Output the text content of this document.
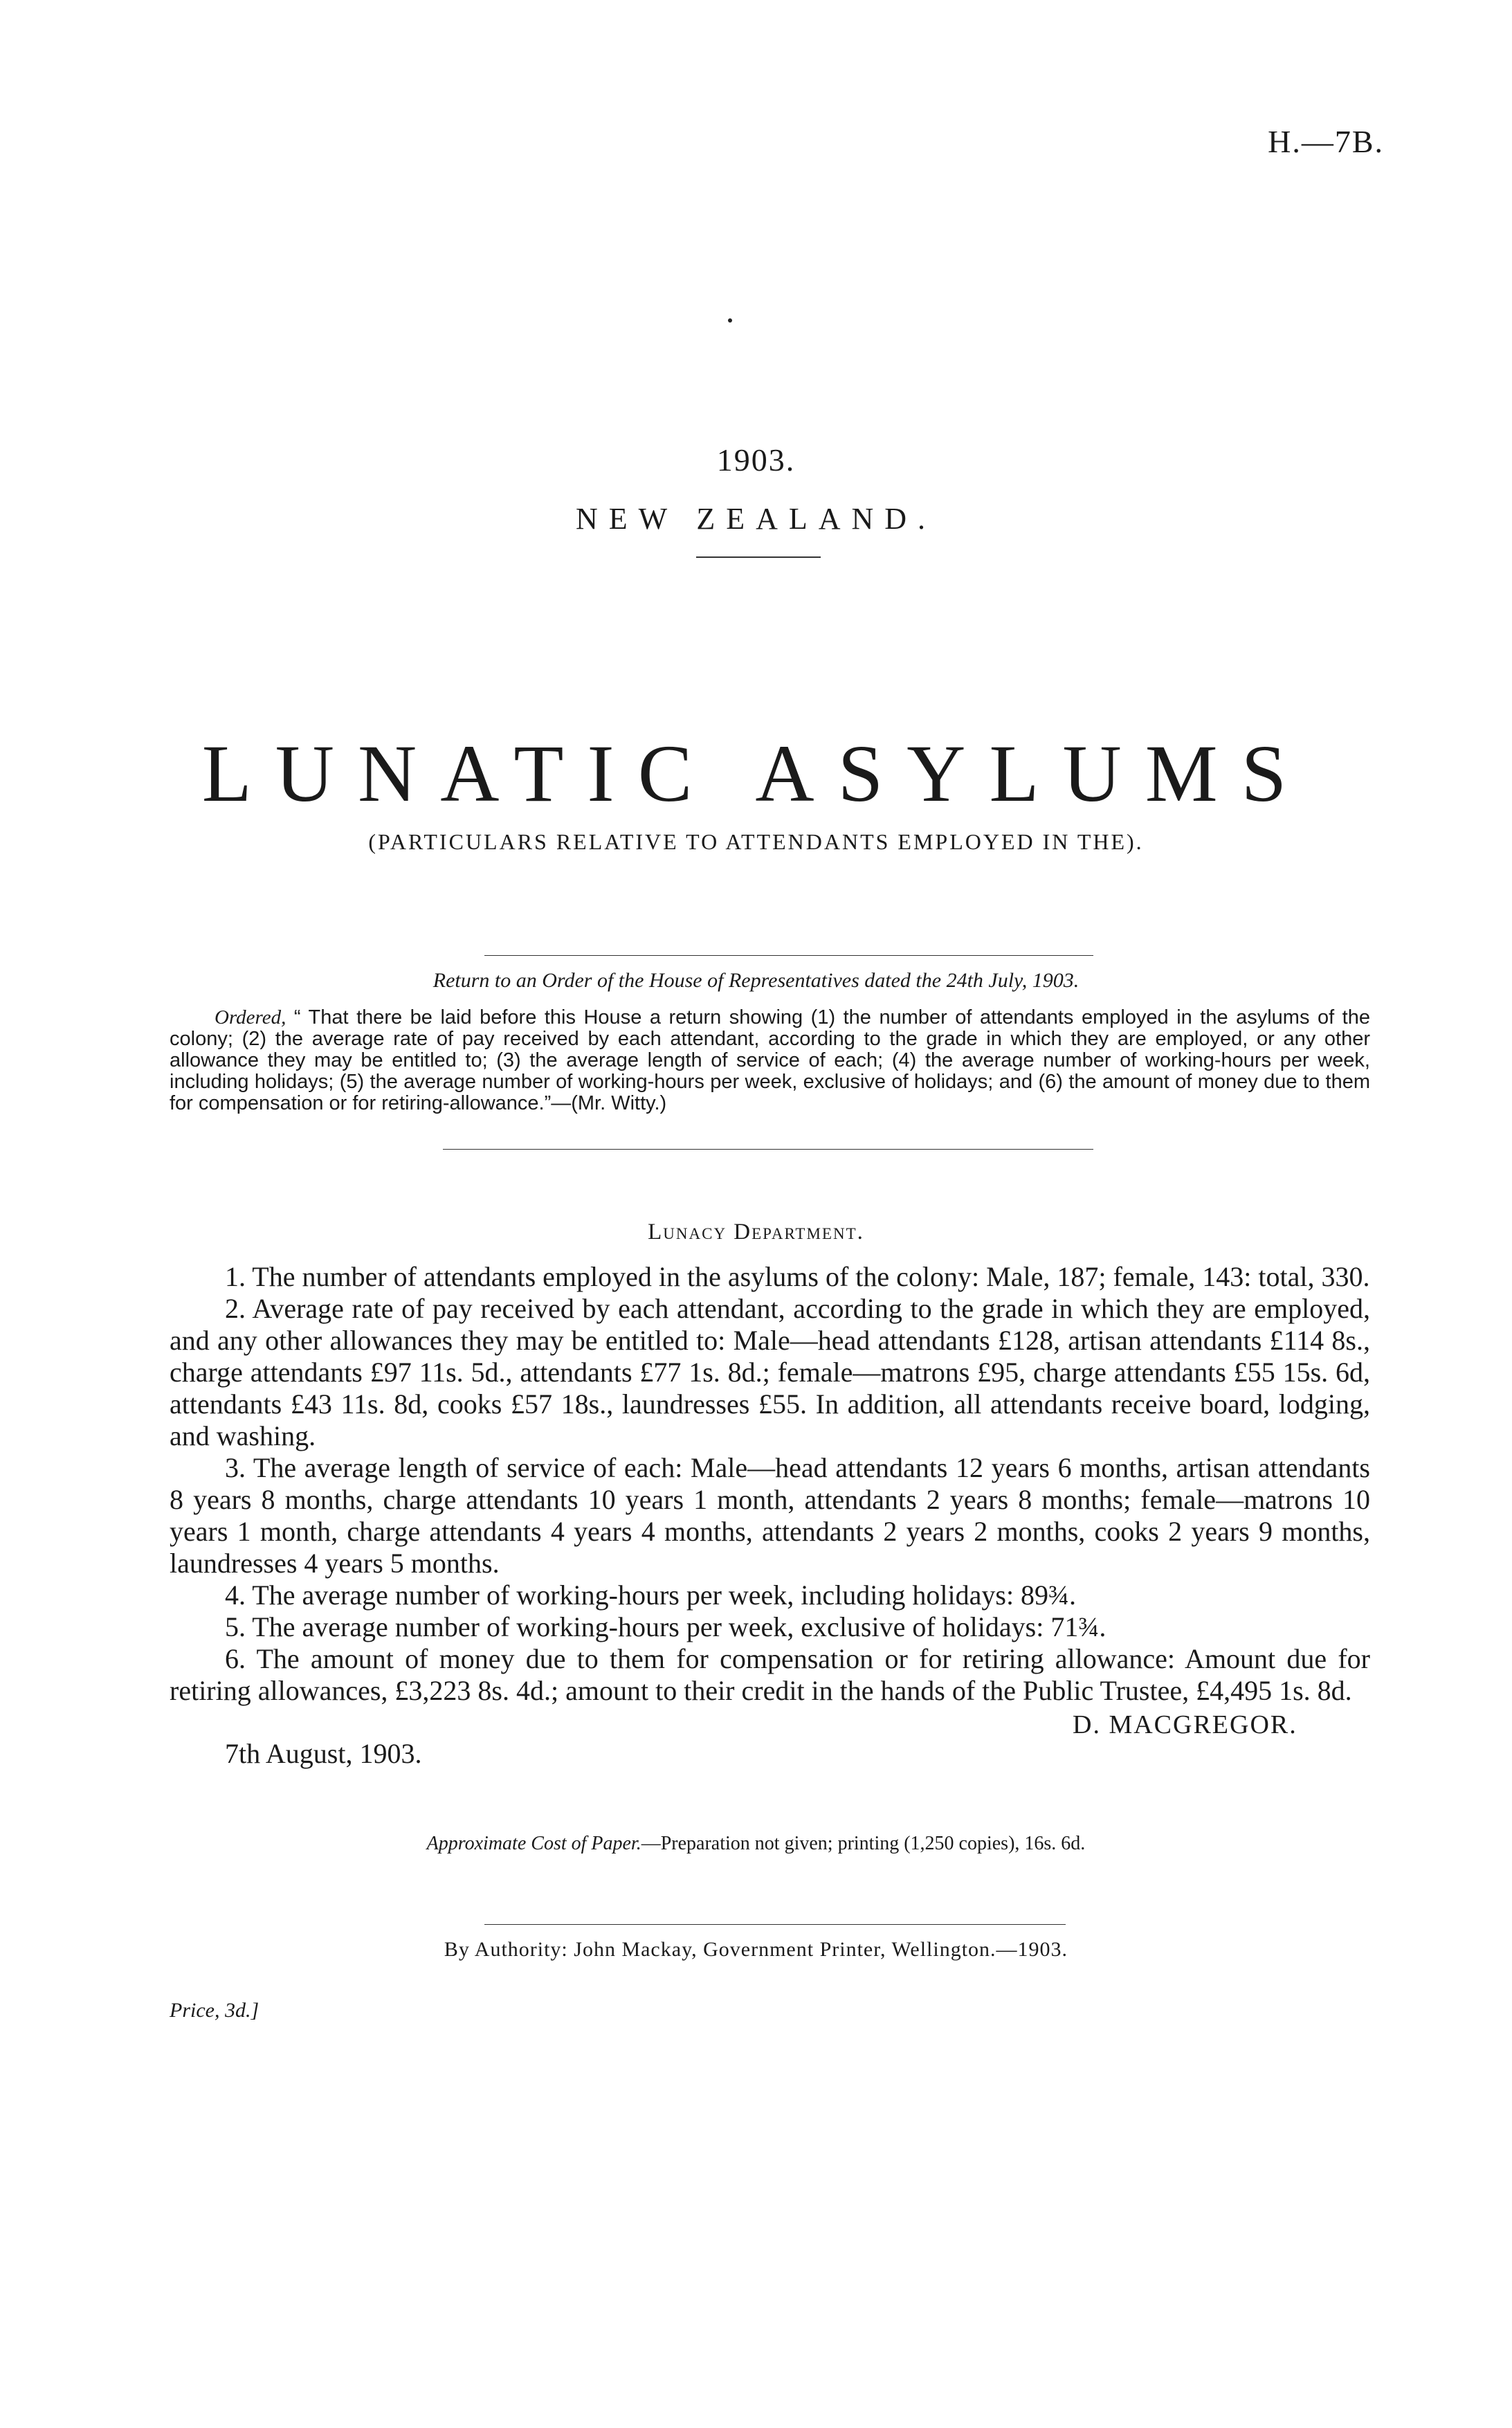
H.—7B.
1903.
NEW ZEALAND.
LUNATIC ASYLUMS
(PARTICULARS RELATIVE TO ATTENDANTS EMPLOYED IN THE).
Return to an Order of the House of Representatives dated the 24th July, 1903.
Ordered, “ That there be laid before this House a return showing (1) the number of attendants employed in the asylums of the colony; (2) the average rate of pay received by each attendant, according to the grade in which they are employed, or any other allowance they may be entitled to; (3) the average length of service of each; (4) the average number of working-hours per week, including holidays; (5) the average number of working-hours per week, exclusive of holidays; and (6) the amount of money due to them for compensation or for retiring-allowance.”—(Mr. Witty.)
Lunacy Department.

1. The number of attendants employed in the asylums of the colony: Male, 187; female, 143: total, 330.

2. Average rate of pay received by each attendant, according to the grade in which they are employed, and any other allowances they may be entitled to: Male—head attendants £128, artisan attendants £114 8s., charge attendants £97 11s. 5d., attendants £77 1s. 8d.; female—matrons £95, charge attendants £55 15s. 6d, attendants £43 11s. 8d, cooks £57 18s., laundresses £55. In addition, all attendants receive board, lodging, and washing.

3. The average length of service of each: Male—head attendants 12 years 6 months, artisan attendants 8 years 8 months, charge attendants 10 years 1 month, attendants 2 years 8 months; female—matrons 10 years 1 month, charge attendants 4 years 4 months, attendants 2 years 2 months, cooks 2 years 9 months, laundresses 4 years 5 months.

4. The average number of working-hours per week, including holidays: 89¾.

5. The average number of working-hours per week, exclusive of holidays: 71¾.

6. The amount of money due to them for compensation or for retiring allowance: Amount due for retiring allowances, £3,223 8s. 4d.; amount to their credit in the hands of the Public Trustee, £4,495 1s. 8d.

D. MACGREGOR.
7th August, 1903.
Approximate Cost of Paper.—Preparation not given; printing (1,250 copies), 16s. 6d.
By Authority: John Mackay, Government Printer, Wellington.—1903.
Price, 3d.]
